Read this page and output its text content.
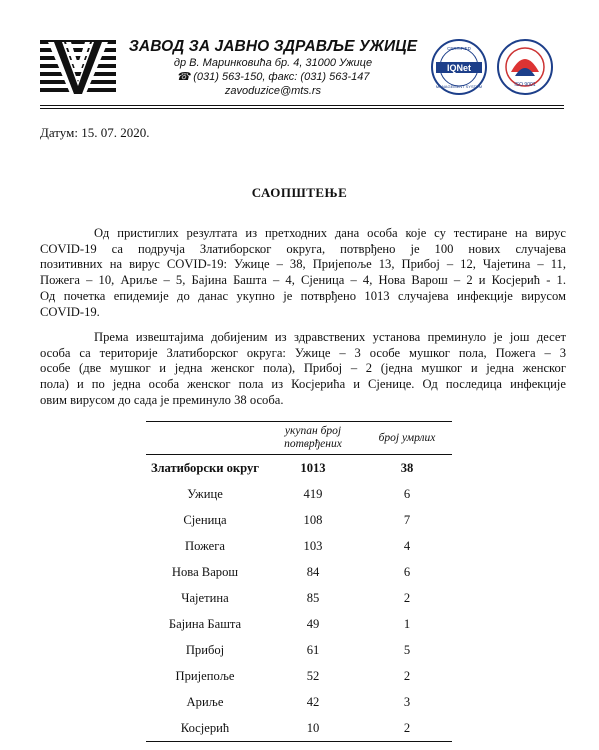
ЗАВОД ЗА ЈАВНО ЗДРАВЉЕ УЖИЦЕ
др В. Маринковића бр. 4, 31000 Ужице
☎ (031) 563-150, факс: (031) 563-147
zavoduzice@mts.rs
IQNet
CERTIFIED
MANAGEMENT SYSTEM	ISO 9001
Датум: 15. 07. 2020.
САОПШТЕЊЕ
Од пристиглих резултата из претходних дана особа које су тестиране на вирус
COVID-19 са подручја Златиборског округа, потврђено је 100 нових случајева
позитивних на вирус COVID-19: Ужице – 38, Пријепоље 13, Прибој – 12, Чајетина – 11,
Пожега – 10, Ариље – 5, Бајина Башта – 4, Сјеница – 4, Нова Варош – 2 и Косјерић - 1.
Од почетка епидемије до данас укупно је потврђено 1013 случајева инфекције вирусом
COVID-19.
Према извештајима добијеним из здравствених установа преминуло је још десет
особа са територије Златиборског округа: Ужице – 3 особе мушког пола, Пожега – 3
особе (две мушког и једна женског пола), Прибој – 2 (једна мушког и једна женског
пола) и по једна особа женског пола из Косјерића и Сјенице. Од последица инфекције
овим вирусом до сада је преминуло 38 особа.
	укупан број потврђених	број умрлих
Златиборски округ	1013	38
Ужице	419	6
Сјеница	108	7
Пожега	103	4
Нова Варош	84	6
Чајетина	85	2
Бајина Башта	49	1
Прибој	61	5
Пријепоље	52	2
Ариље	42	3
Косјерић	10	2
